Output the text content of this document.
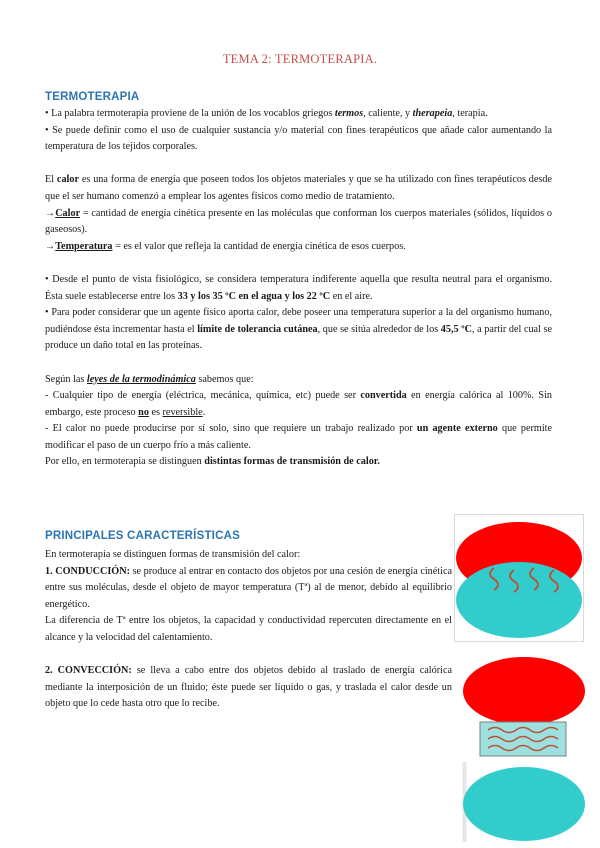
TEMA 2: TERMOTERAPIA.
TERMOTERAPIA

• La palabra termoterapia proviene de la unión de los vocablos griegos termos, caliente, y therapeia, terapia.

• Se puede definir como el uso de cualquier sustancia y/o material con fines terapéuticos que añade calor aumentando la temperatura de los tejidos corporales.

El calor es una forma de energía que poseen todos los objetos materiales y que se ha utilizado con fines terapéuticos desde que el ser humano comenzó a emplear los agentes físicos como medio de tratamiento.

→Calor = cantidad de energía cinética presente en las moléculas que conforman los cuerpos materiales (sólidos, líquidos o gaseosos).

→Temperatura = es el valor que refleja la cantidad de energía cinética de esos cuerpos.

• Desde el punto de vista fisiológico, se considera temperatura indiferente aquella que resulta neutral para el organismo. Ésta suele establecerse entre los 33 y los 35 ºC en el agua y los 22 ºC en el aire.

• Para poder considerar que un agente físico aporta calor, debe poseer una temperatura superior a la del organismo humano, pudiéndose ésta incrementar hasta el límite de tolerancia cutánea, que se sitúa alrededor de los 45,5 ºC, a partir del cual se produce un daño total en las proteínas.

Según las leyes de la termodinámica sabemos que:

- Cualquier tipo de energía (eléctrica, mecánica, química, etc) puede ser convertida en energía calórica al 100%. Sin embargo, este proceso no es reversible.

- El calor no puede producirse por sí solo, sino que requiere un trabajo realizado por un agente externo que permite modificar el paso de un cuerpo frío a más caliente.

Por ello, en termoterapia se distinguen distintas formas de transmisión de calor.

PRINCIPALES CARACTERÍSTICAS

En termoterapia se distinguen formas de transmisión del calor:

1. CONDUCCIÓN: se produce al entrar en contacto dos objetos por una cesión de energía cinética entre sus moléculas, desde el objeto de mayor temperatura (Tª) al de menor, debido al equilibrio energético.

La diferencia de Tª entre los objetos, la capacidad y conductividad repercuten directamente en el alcance y la velocidad del calentamiento.

2. CONVECCIÓN: se lleva a cabo entre dos objetos debido al traslado de energía calórica mediante la interposición de un fluido; éste puede ser líquido o gas, y traslada el calor desde un objeto que lo cede hasta otro que lo recibe.
